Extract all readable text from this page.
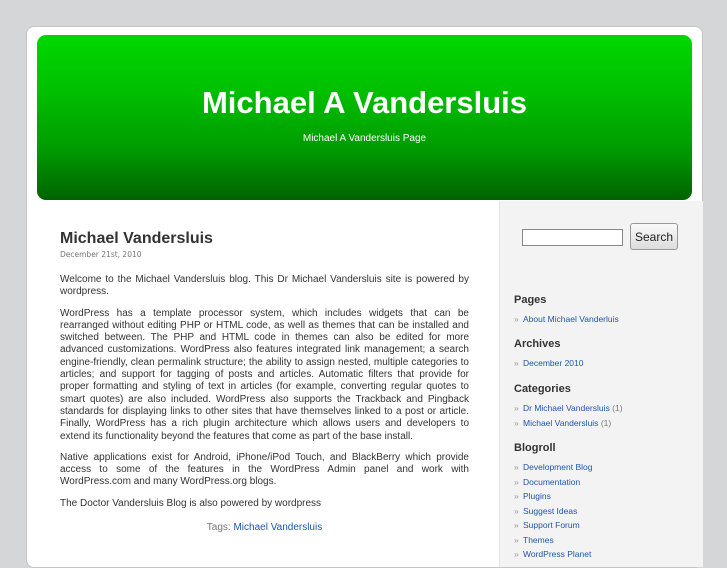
Michael A Vandersluis
Michael A Vandersluis Page
Michael Vandersluis
December 21st, 2010

Welcome to the Michael Vandersluis blog. This Dr Michael Vandersluis site is powered by wordpress.

WordPress has a template processor system, which includes widgets that can be rearranged without editing PHP or HTML code, as well as themes that can be installed and switched between. The PHP and HTML code in themes can also be edited for more advanced customizations. WordPress also features integrated link management; a search engine-friendly, clean permalink structure; the ability to assign nested, multiple categories to articles; and support for tagging of posts and articles. Automatic filters that provide for proper formatting and styling of text in articles (for example, converting regular quotes to smart quotes) are also included. WordPress also supports the Trackback and Pingback standards for displaying links to other sites that have themselves linked to a post or article. Finally, WordPress has a rich plugin architecture which allows users and developers to extend its functionality beyond the features that come as part of the base install.

Native applications exist for Android, iPhone/iPod Touch, and BlackBerry which provide access to some of the features in the WordPress Admin panel and work with WordPress.com and many WordPress.org blogs.

The Doctor Vandersluis Blog is also powered by wordpress

Tags: Michael Vandersluis
Search
Pages
» About Michael Vanderluis
Archives
» December 2010
Categories
» Dr Michael Vandersluis (1)
» Michael Vandersluis (1)
Blogroll
» Development Blog
» Documentation
» Plugins
» Suggest Ideas
» Support Forum
» Themes
» WordPress Planet
